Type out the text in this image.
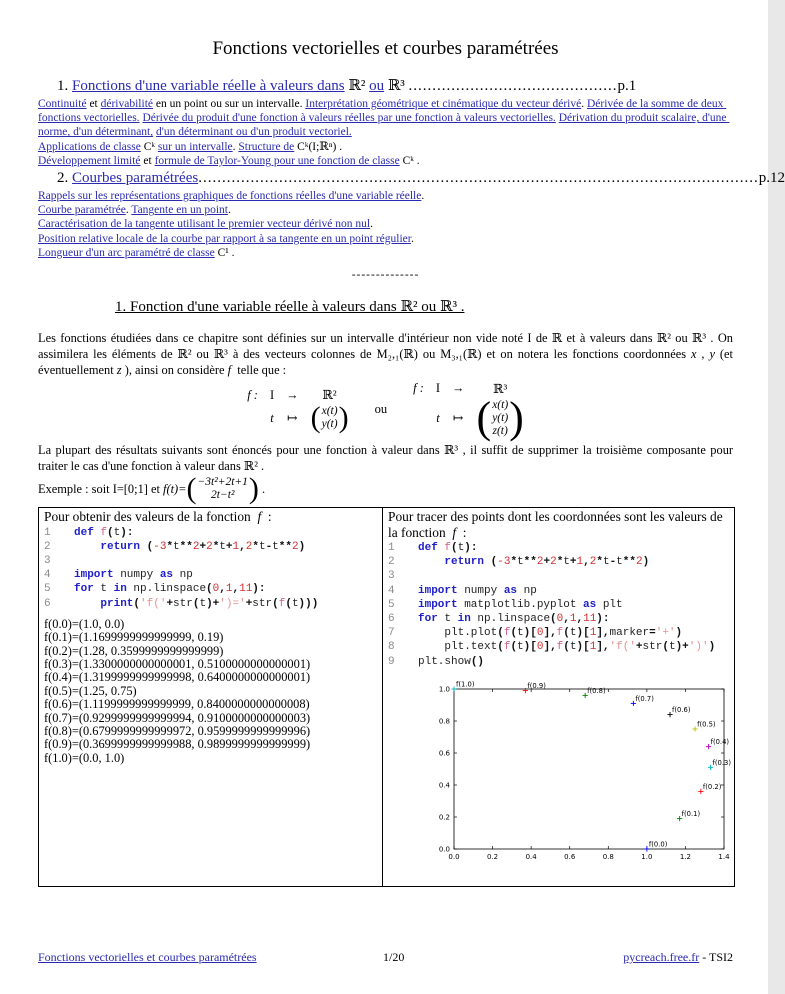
Fonctions vectorielles et courbes paramétrées
1. Fonctions d'une variable réelle à valeurs dans ℝ² ou ℝ³ ............................................p.1
Continuité et dérivabilité en un point ou sur un intervalle. Interprétation géométrique et cinématique du vecteur dérivé. Dérivée de la somme de deux fonctions vectorielles. Dérivée du produit d'une fonction à valeurs réelles par une fonction à valeurs vectorielles. Dérivation du produit scalaire, d'une norme, d'un déterminant, d'un déterminant ou d'un produit vectoriel.
Applications de classe Cᵏ sur un intervalle. Structure de Cᵏ(I;ℝⁿ) .
Développement limité et formule de Taylor-Young pour une fonction de classe Cᵏ .
2. Courbes paramétrées......................................................................................................................p.12
Rappels sur les représentations graphiques de fonctions réelles d'une variable réelle.
Courbe paramétrée. Tangente en un point.
Caractérisation de la tangente utilisant le premier vecteur dérivé non nul.
Position relative locale de la courbe par rapport à sa tangente en un point régulier.
Longueur d'un arc paramétré de classe C¹ .
--------------
1. Fonction d'une variable réelle à valeurs dans ℝ² ou ℝ³ .
Les fonctions étudiées dans ce chapitre sont définies sur un intervalle d'intérieur non vide noté I de ℝ et à valeurs dans ℝ² ou ℝ³ . On assimilera les éléments de ℝ² ou ℝ³ à des vecteurs colonnes de M₂,₁(ℝ) ou M₃,₁(ℝ) et on notera les fonctions coordonnées x , y (et éventuellement z ), ainsi on considère f  telle que :
f : I → ℝ²
t ↦ ( x(t)
y(t) ) ou
f : I → ℝ³
t ↦ ( x(t)
y(t)
z(t) )
La plupart des résultats suivants sont énoncés pour une fonction à valeur dans ℝ³ , il suffit de supprimer la troisième composante pour traiter le cas d'une fonction à valeur dans ℝ² .
Exemple : soit I=[0;1] et f (t)= ( −3t²+2t+1
2t−t² ) .
Pour obtenir des valeurs de la fonction  f  :
1	def f(t):
2	return (-3*t**2+2*t+1,2*t-t**2)
3
4	import numpy as np
5	for t in np.linspace(0,1,11):
6	print('f('+str(t)+')='+str(f(t)))
f(0.0)=(1.0, 0.0)
f(0.1)=(1.1699999999999999, 0.19)
f(0.2)=(1.28, 0.3599999999999999)
f(0.3)=(1.3300000000000001, 0.5100000000000001)
f(0.4)=(1.3199999999999998, 0.6400000000000001)
f(0.5)=(1.25, 0.75)
f(0.6)=(1.1199999999999999, 0.8400000000000008)
f(0.7)=(0.9299999999999994, 0.9100000000000003)
f(0.8)=(0.6799999999999972, 0.9599999999999996)
f(0.9)=(0.3699999999999988, 0.9899999999999999)
f(1.0)=(0.0, 1.0)
Pour tracer des points dont les coordonnées sont les valeurs de la fonction  f  :
1	def f(t):
2	return (-3*t**2+2*t+1,2*t-t**2)
3
4	import numpy as np
5	import matplotlib.pyplot as plt
6	for t in np.linspace(0,1,11):
7	plt.plot(f(t)[0],f(t)[1],marker='+')
8	plt.text(f(t)[0],f(t)[1],'f('+str(t)+')')
9	plt.show()
0.0	0.2	0.4	0.6	0.8	1.0	1.2	1.4
0.0
0.2
0.4
0.6
0.8
1.0
f(0.0)
f(0.1)
f(0.2)
f(0.3)
f(0.4)
f(0.5)
f(0.6)
f(0.7)
f(0.8)
f(0.9)
f(1.0)
Fonctions vectorielles et courbes paramétrées	1/20	pycreach.free.fr - TSI2
